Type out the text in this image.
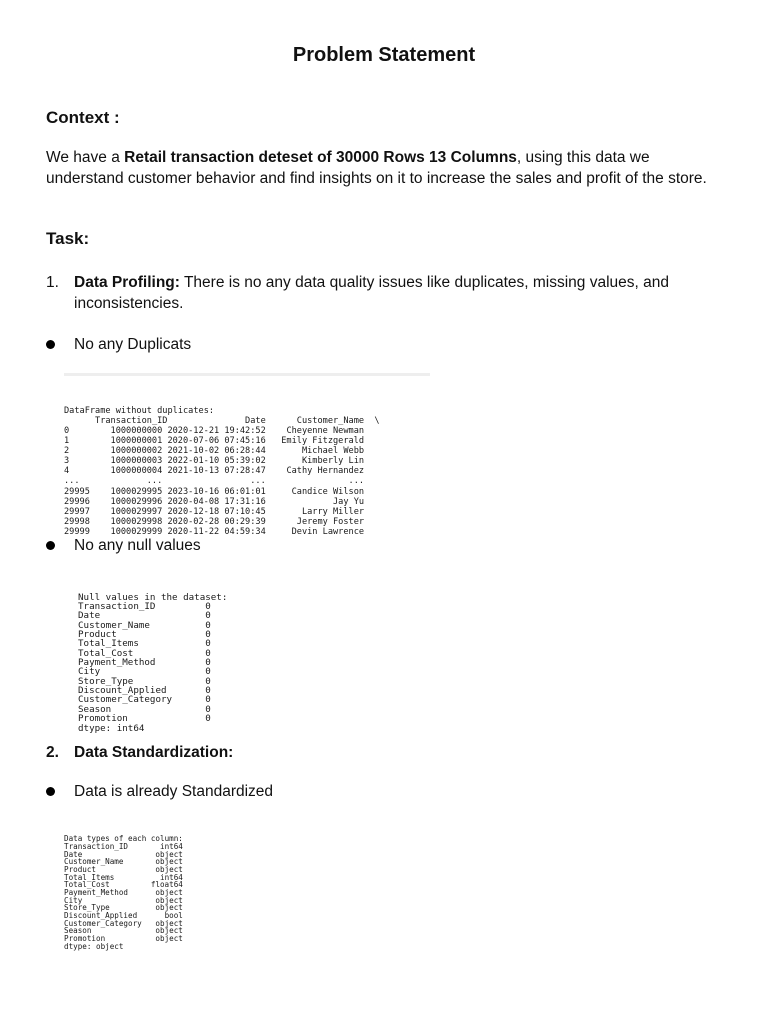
Problem Statement
Context :

We have a Retail transaction deteset of 30000 Rows 13 Columns, using this data we understand customer behavior and find insights on it to increase the sales and profit of the store.

Task:

1. Data Profiling: There is no any data quality issues like duplicates, missing values, and inconsistencies.

No any Duplicats

DataFrame without duplicates:
Transaction_ID	Date	Customer_Name \
0	1000000000 2020-12-21 19:42:52 Cheyenne Newman
1	1000000001 2020-07-06 07:45:16 Emily Fitzgerald
2	1000000002 2021-10-02 06:28:44	Michael Webb
3	1000000003 2022-01-10 05:39:02	Kimberly Lin
4	1000000004 2021-10-13 07:28:47 Cathy Hernandez
...	...	...	...
29995 1000029995 2023-10-16 06:01:01	Candice Wilson
29996 1000029996 2020-04-08 17:31:16	Jay Yu
29997 1000029997 2020-12-18 07:10:45	Larry Miller
29998 1000029998 2020-02-28 00:29:39	Jeremy Foster
29999 1000029999 2020-11-22 04:59:34	Devin Lawrence

No any null values

Null values in the dataset:
Transaction_ID	0
Date	0
Customer_Name	0
Product	0
Total_Items	0
Total_Cost	0
Payment_Method	0
City	0
Store_Type	0
Discount_Applied	0
Customer_Category	0
Season	0
Promotion	0
dtype: int64

2. Data Standardization:

Data is already Standardized

Data types of each column:
Transaction_ID	int64
Date	object
Customer_Name	object
Product	object
Total_Items	int64
Total_Cost	float64
Payment_Method	object
City	object
Store_Type	object
Discount_Applied	bool
Customer_Category object
Season	object
Promotion	object
dtype: object
